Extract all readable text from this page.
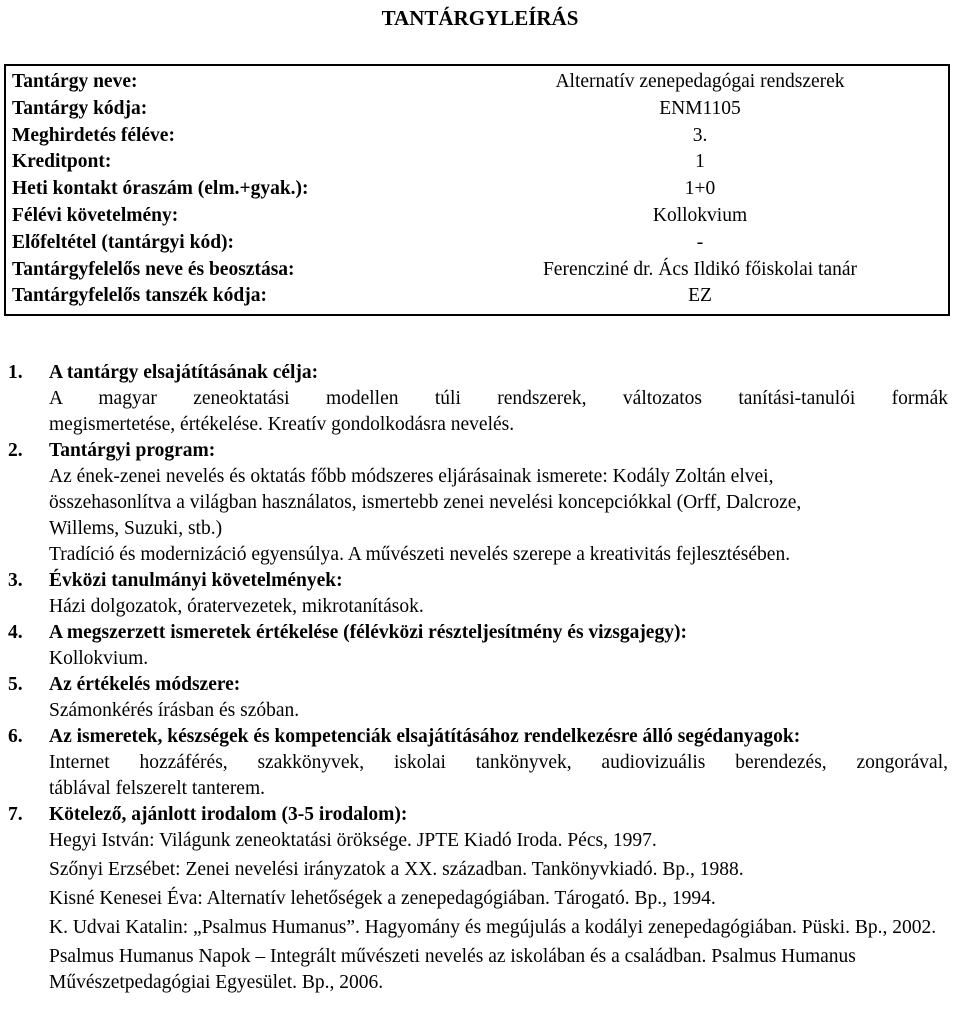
TANTÁRGYLEÍRÁS
Tantárgy neve:	Alternatív zenepedagógai rendszerek
Tantárgy kódja:	ENM1105
Meghirdetés féléve:	3.
Kreditpont:	1
Heti kontakt óraszám (elm.+gyak.):	1+0
Félévi követelmény:	Kollokvium
Előfeltétel (tantárgyi kód):	-
Tantárgyfelelős neve és beosztása:	Ferencziné dr. Ács Ildikó főiskolai tanár
Tantárgyfelelős tanszék kódja:	EZ
1. A tantárgy elsajátításának célja:

A magyar zeneoktatási modellen túli rendszerek, változatos tanítási-tanulói formák

megismertetése, értékelése. Kreatív gondolkodásra nevelés.

2. Tantárgyi program:

Az ének-zenei nevelés és oktatás főbb módszeres eljárásainak ismerete: Kodály Zoltán elvei,

összehasonlítva a világban használatos, ismertebb zenei nevelési koncepciókkal (Orff, Dalcroze,

Willems, Suzuki, stb.)

Tradíció és modernizáció egyensúlya. A művészeti nevelés szerepe a kreativitás fejlesztésében.

3. Évközi tanulmányi követelmények:

Házi dolgozatok, óratervezetek, mikrotanítások.

4. A megszerzett ismeretek értékelése (félévközi részteljesítmény és vizsgajegy):

Kollokvium.

5. Az értékelés módszere:

Számonkérés írásban és szóban.

6. Az ismeretek, készségek és kompetenciák elsajátításához rendelkezésre álló segédanyagok:

Internet hozzáférés, szakkönyvek, iskolai tankönyvek, audiovizuális berendezés, zongorával,

táblával felszerelt tanterem.

7. Kötelező, ajánlott irodalom (3-5 irodalom):

Hegyi István: Világunk zeneoktatási öröksége. JPTE Kiadó Iroda. Pécs, 1997.

Szőnyi Erzsébet: Zenei nevelési irányzatok a XX. században. Tankönyvkiadó. Bp., 1988.

Kisné Kenesei Éva: Alternatív lehetőségek a zenepedagógiában. Tárogató. Bp., 1994.

K. Udvai Katalin: „Psalmus Humanus”. Hagyomány és megújulás a kodályi zenepedagógiában. Püski. Bp., 2002.

Psalmus Humanus Napok – Integrált művészeti nevelés az iskolában és a családban. Psalmus Humanus Művészetpedagógiai Egyesület. Bp., 2006.
